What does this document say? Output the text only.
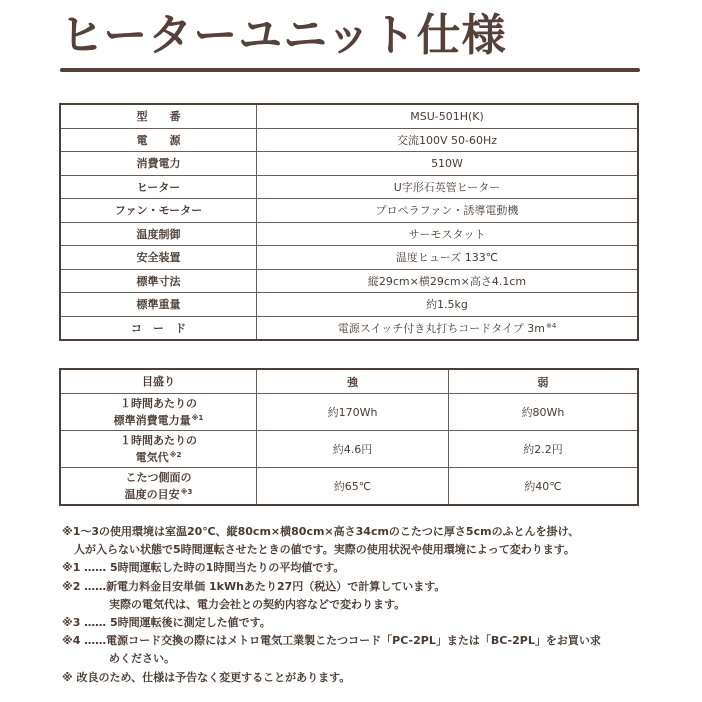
ヒーターユニット仕様
型　　番	MSU-501H(K)
電　　源	交流100V 50-60Hz
消費電力	510W
ヒーター	U字形石英管ヒーター
ファン・モーター	プロペラファン・誘導電動機
温度制御	サーモスタット
安全装置	温度ヒューズ 133℃
標準寸法	縦29cm×横29cm×高さ4.1cm
標準重量	約1.5kg
コ　ー　ド	電源スイッチ付き丸打ちコードタイプ $3m^{※4}$
目盛り	強	弱
１時間あたりの
標準消費電力量$^{※1}$	約170Wh	約80Wh
１時間あたりの
電気代$^{※2}$	約4.6円	約2.2円
こたつ側面の
温度の目安$^{※3}$	約65℃	約40℃
※1～3の使用環境は室温20℃、縦80cm×横80cm×高さ34cmのこたつに厚さ5cmのふとんを掛け、
人が入らない状態で5時間運転させたときの値です。実際の使用状況や使用環境によって変わります。
※1 …… 5時間運転した時の1時間当たりの平均値です。
※2 ……新電力料金目安単価 1kWhあたり27円（税込）で計算しています。
実際の電気代は、電力会社との契約内容などで変わります。
※3 …… 5時間運転後に測定した値です。
※4 ……電源コード交換の際にはメトロ電気工業製こたつコード「PC-2PL」または「BC-2PL」をお買い求
めください。
※ 改良のため、仕様は予告なく変更することがあります。
